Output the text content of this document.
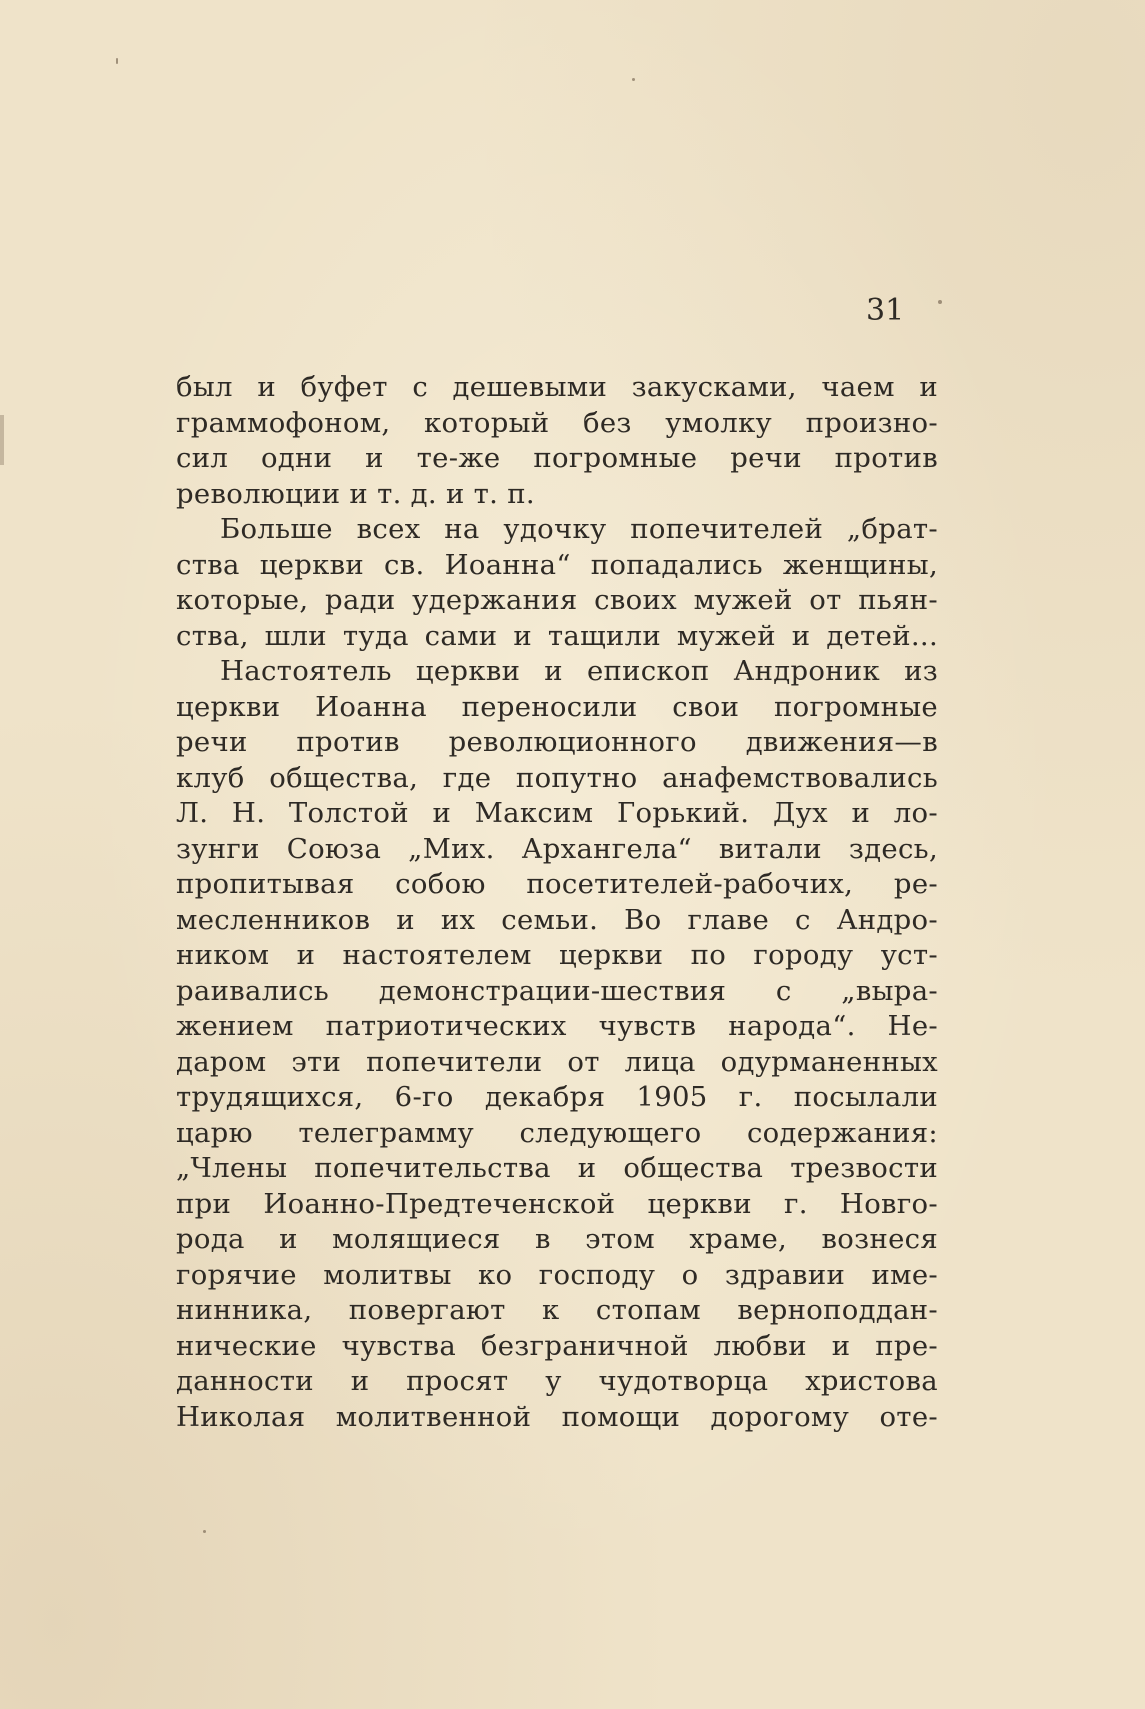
31

был и буфет с дешевыми закусками, чаем и
граммофоном, который без умолку произно-
сил одни и те-же погромные речи против
революции и т. д. и т. п.

Больше всех на удочку попечителей „брат-
ства церкви св. Иоанна“ попадались женщины,
которые, ради удержания своих мужей от пьян-
ства, шли туда сами и тащили мужей и детей...

Настоятель церкви и епископ Андроник из
церкви Иоанна переносили свои погромные
речи против революционного движения—в
клуб общества, где попутно анафемствовались
Л. Н. Толстой и Максим Горький. Дух и ло-
зунги Союза „Мих. Архангела“ витали здесь,
пропитывая собою посетителей-рабочих, ре-
месленников и их семьи. Во главе с Андро-
ником и настоятелем церкви по городу уст-
раивались демонстрации-шествия с „выра-
жением патриотических чувств народа“. Не-
даром эти попечители от лица одурманенных
трудящихся, 6-го декабря 1905 г. посылали
царю телеграмму следующего содержания:
„Члены попечительства и общества трезвости
при Иоанно-Предтеченской церкви г. Новго-
рода и молящиеся в этом храме, вознеся
горячие молитвы ко господу о здравии име-
нинника, повергают к стопам верноподдан-
нические чувства безграничной любви и пре-
данности и просят у чудотворца христова
Николая молитвенной помощи дорогому оте-
